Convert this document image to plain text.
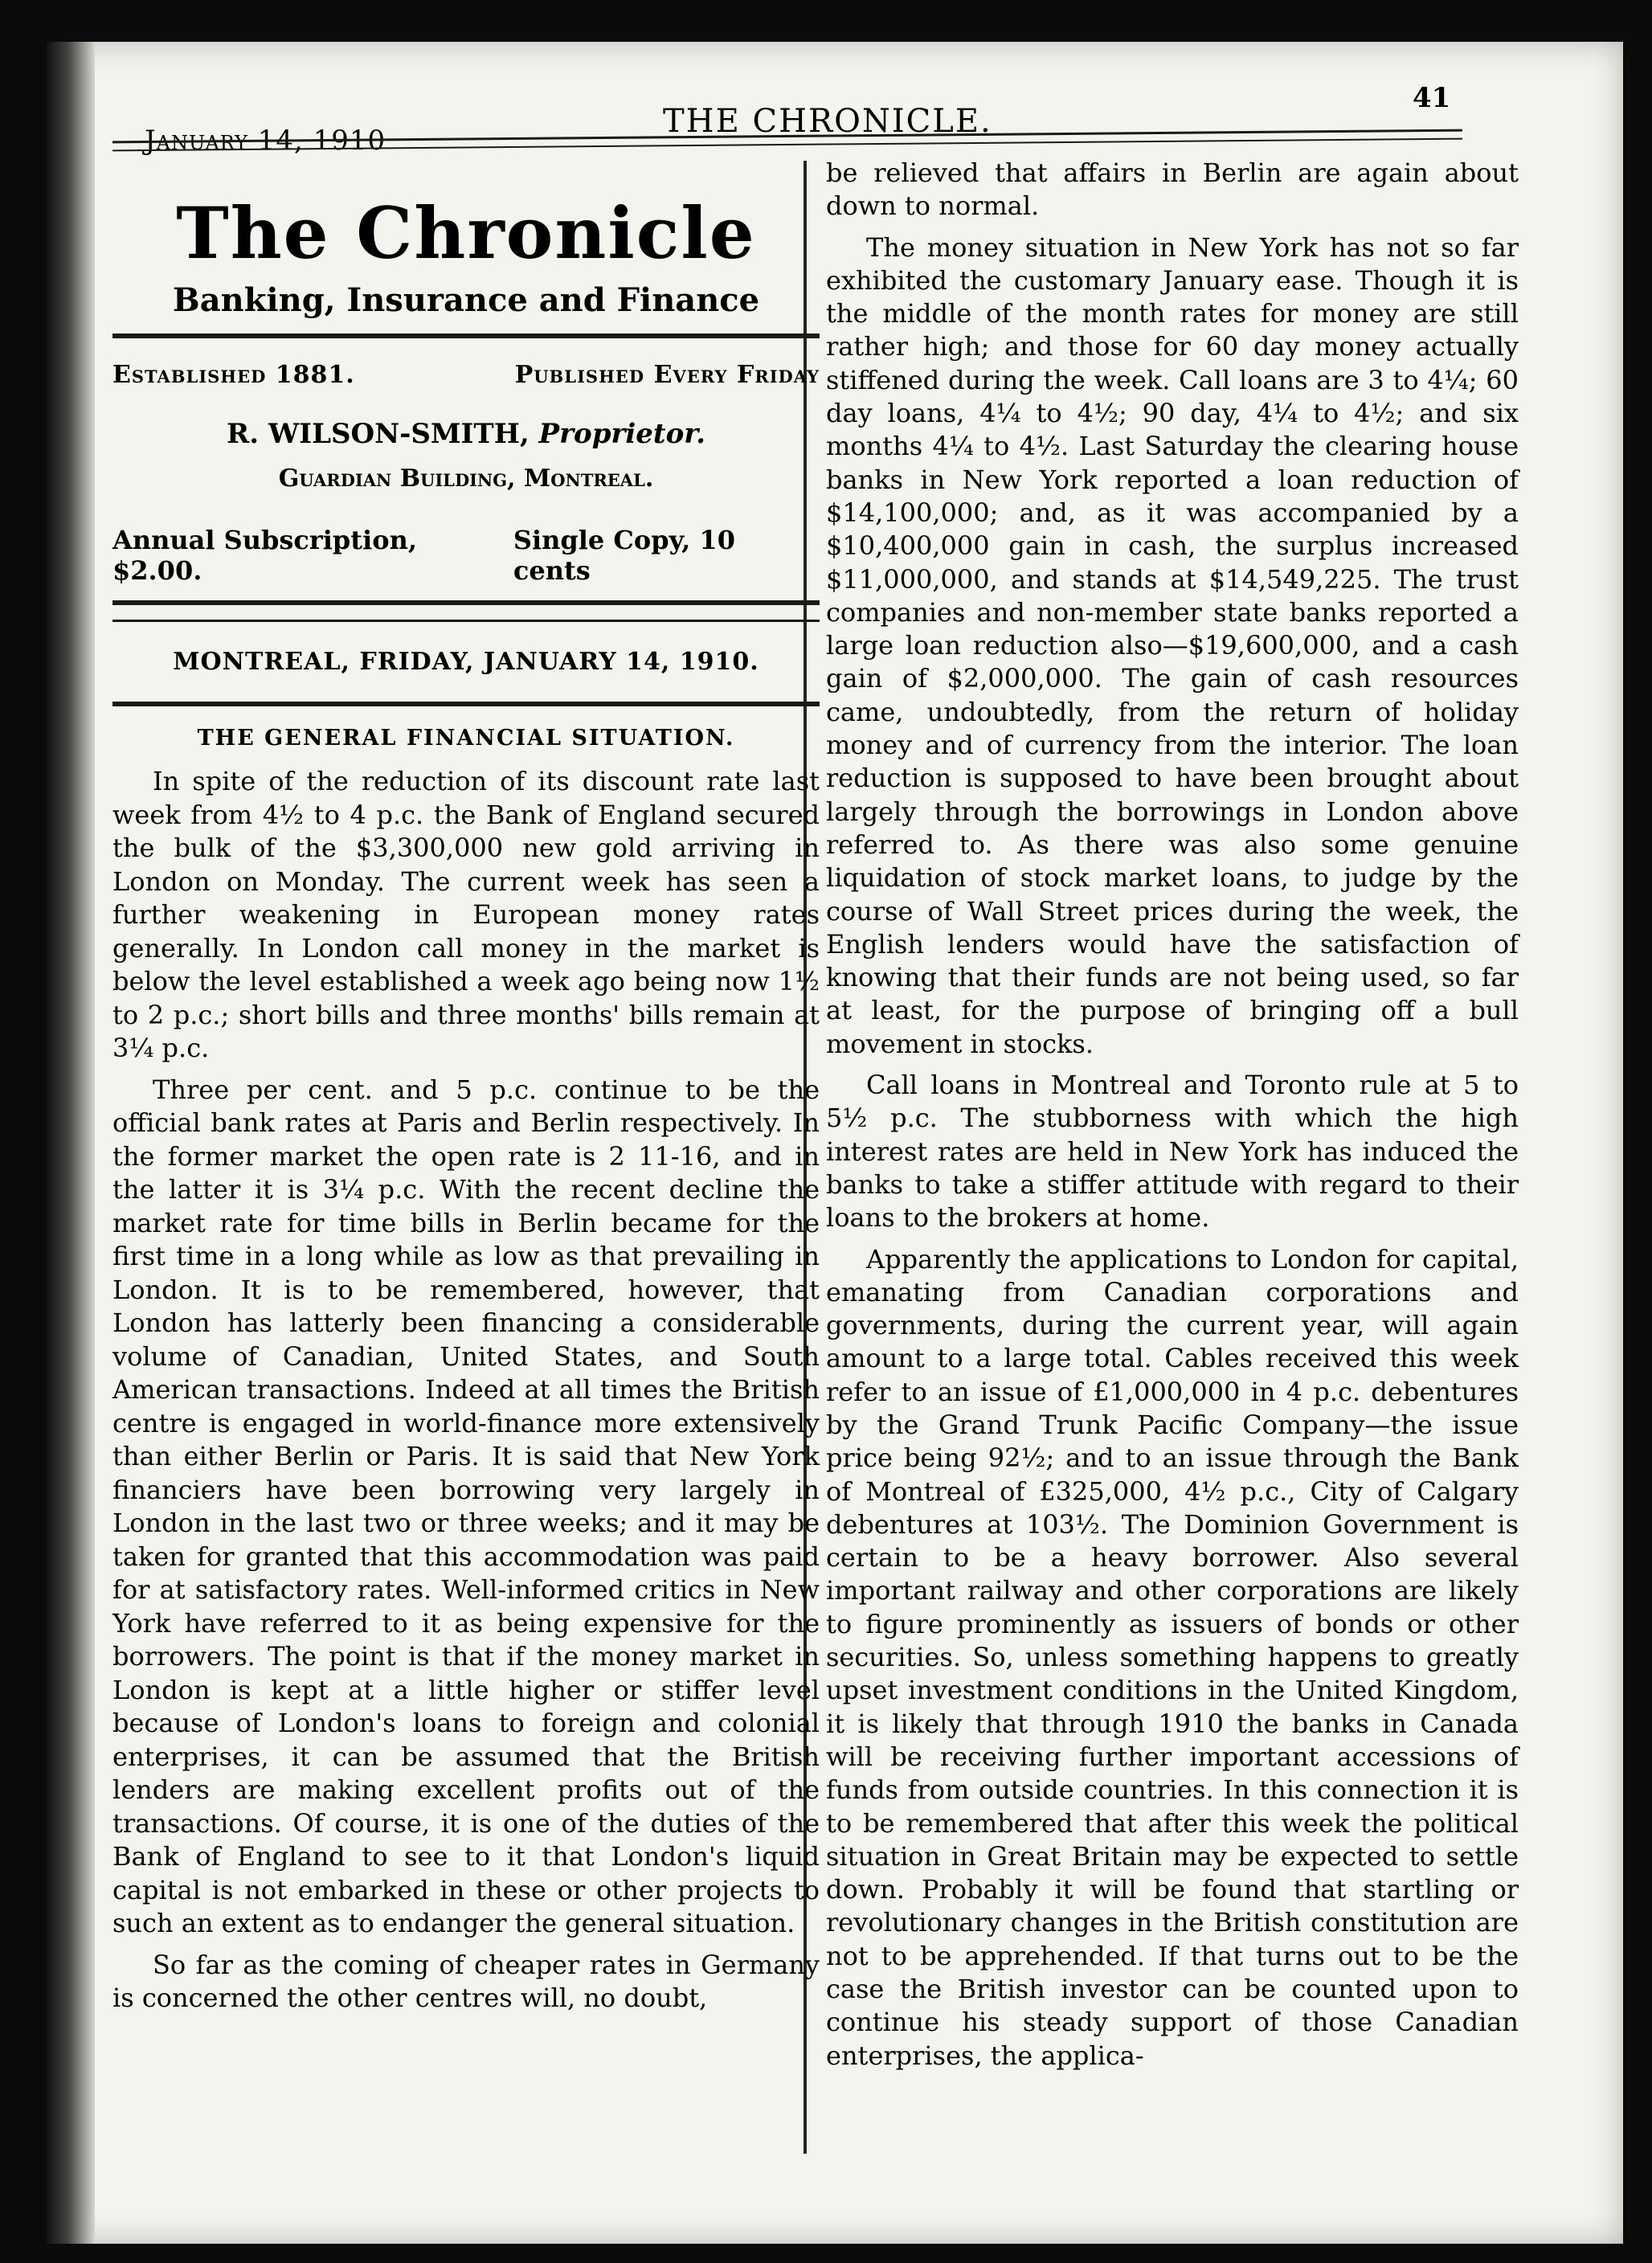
January 14, 1910
THE CHRONICLE.
41
The Chronicle
Banking, Insurance and Finance
Established 1881.	Published Every Friday
R. WILSON-SMITH, Proprietor.
Guardian Building, Montreal.
Annual Subscription, $2.00.
Single Copy, 10 cents
MONTREAL, FRIDAY, JANUARY 14, 1910.
THE GENERAL FINANCIAL SITUATION.

In spite of the reduction of its discount rate last week from 4½ to 4 p.c. the Bank of England secured the bulk of the $3,300,000 new gold arriving in London on Monday. The current week has seen a further weakening in European money rates generally. In London call money in the market is below the level established a week ago being now 1½ to 2 p.c.; short bills and three months' bills remain at 3¼ p.c.

Three per cent. and 5 p.c. continue to be the official bank rates at Paris and Berlin respectively. In the former market the open rate is 2 11-16, and in the latter it is 3¼ p.c. With the recent decline the market rate for time bills in Berlin became for the first time in a long while as low as that prevailing in London. It is to be remembered, however, that London has latterly been financing a considerable volume of Canadian, United States, and South American transactions. Indeed at all times the British centre is engaged in world-finance more extensively than either Berlin or Paris. It is said that New York financiers have been borrowing very largely in London in the last two or three weeks; and it may be taken for granted that this accommodation was paid for at satisfactory rates. Well-informed critics in New York have referred to it as being expensive for the borrowers. The point is that if the money market in London is kept at a little higher or stiffer level because of London's loans to foreign and colonial enterprises, it can be assumed that the British lenders are making excellent profits out of the transactions. Of course, it is one of the duties of the Bank of England to see to it that London's liquid capital is not embarked in these or other projects to such an extent as to endanger the general situation.

So far as the coming of cheaper rates in Germany is concerned the other centres will, no doubt,

be relieved that affairs in Berlin are again about down to normal.

The money situation in New York has not so far exhibited the customary January ease. Though it is the middle of the month rates for money are still rather high; and those for 60 day money actually stiffened during the week. Call loans are 3 to 4¼; 60 day loans, 4¼ to 4½; 90 day, 4¼ to 4½; and six months 4¼ to 4½. Last Saturday the clearing house banks in New York reported a loan reduction of $14,100,000; and, as it was accompanied by a $10,400,000 gain in cash, the surplus increased $11,000,000, and stands at $14,549,225. The trust companies and non-member state banks reported a large loan reduction also—$19,600,000, and a cash gain of $2,000,000. The gain of cash resources came, undoubtedly, from the return of holiday money and of currency from the interior. The loan reduction is supposed to have been brought about largely through the borrowings in London above referred to. As there was also some genuine liquidation of stock market loans, to judge by the course of Wall Street prices during the week, the English lenders would have the satisfaction of knowing that their funds are not being used, so far at least, for the purpose of bringing off a bull movement in stocks.

Call loans in Montreal and Toronto rule at 5 to 5½ p.c. The stubborness with which the high interest rates are held in New York has induced the banks to take a stiffer attitude with regard to their loans to the brokers at home.

Apparently the applications to London for capital, emanating from Canadian corporations and governments, during the current year, will again amount to a large total. Cables received this week refer to an issue of £1,000,000 in 4 p.c. debentures by the Grand Trunk Pacific Company—the issue price being 92½; and to an issue through the Bank of Montreal of £325,000, 4½ p.c., City of Calgary debentures at 103½. The Dominion Government is certain to be a heavy borrower. Also several important railway and other corporations are likely to figure prominently as issuers of bonds or other securities. So, unless something happens to greatly upset investment conditions in the United Kingdom, it is likely that through 1910 the banks in Canada will be receiving further important accessions of funds from outside countries. In this connection it is to be remembered that after this week the political situation in Great Britain may be expected to settle down. Probably it will be found that startling or revolutionary changes in the British constitution are not to be apprehended. If that turns out to be the case the British investor can be counted upon to continue his steady support of those Canadian enterprises, the applica-
